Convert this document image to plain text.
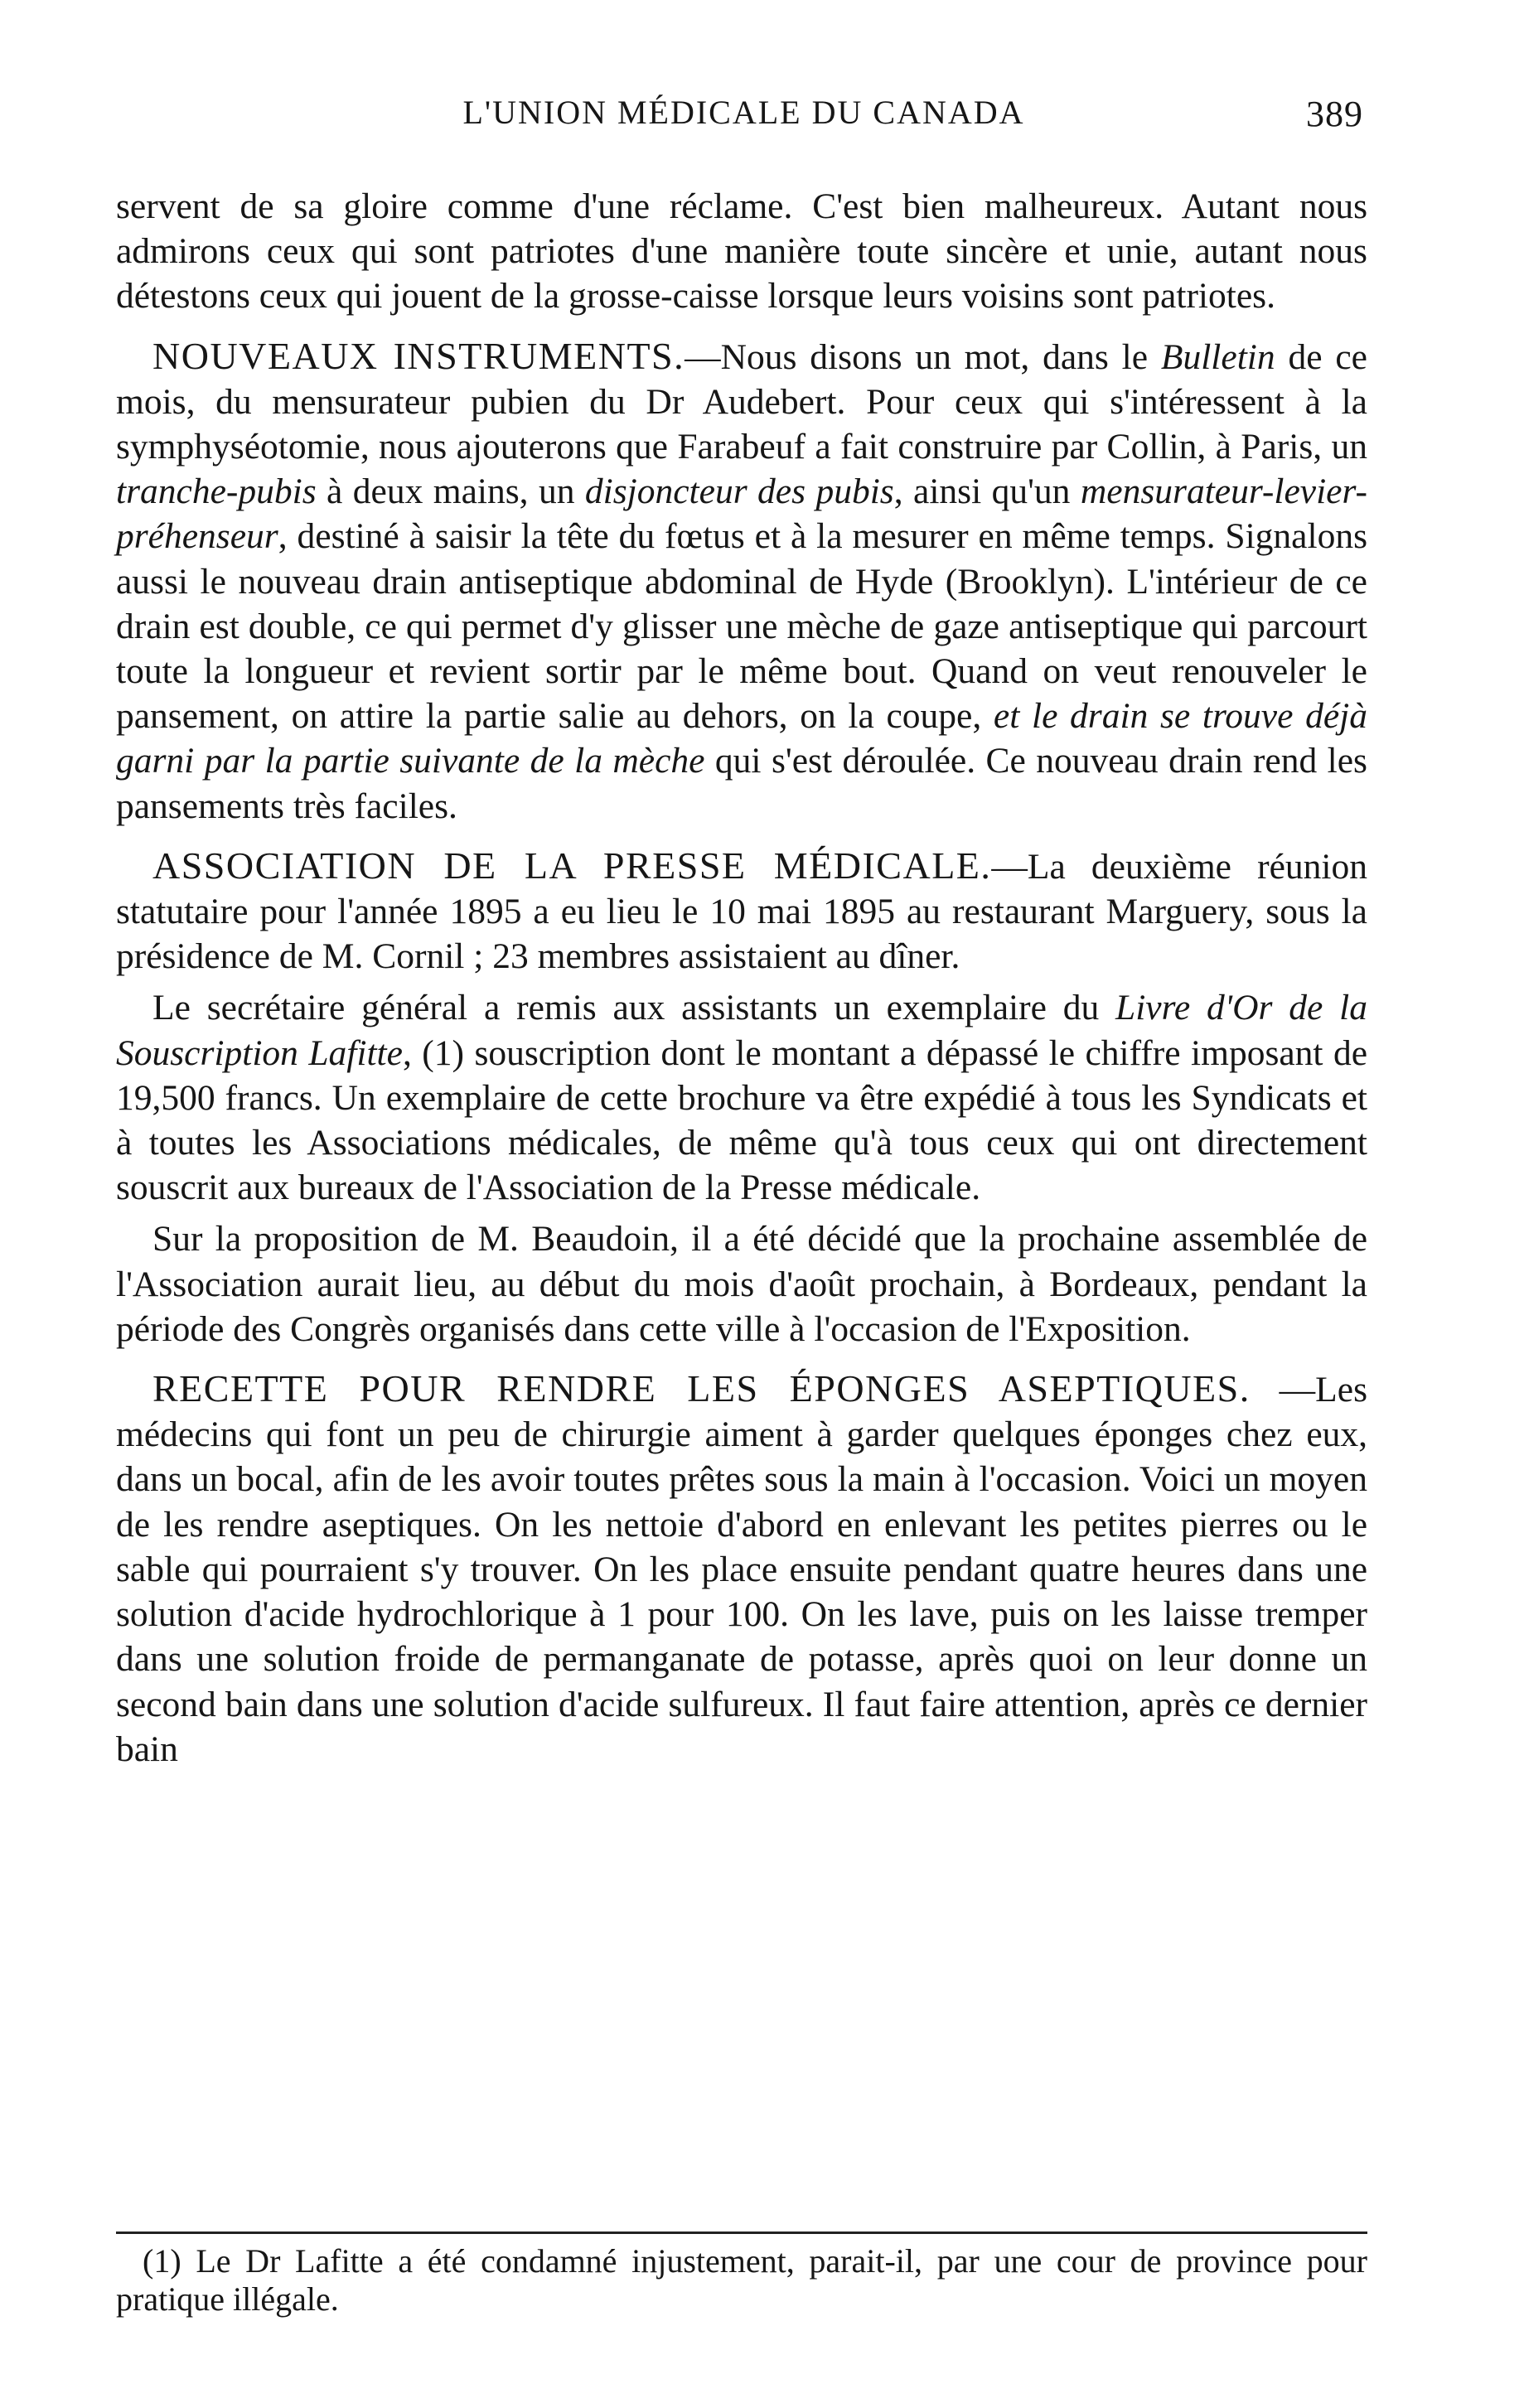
L'UNION MÉDICALE DU CANADA	389

servent de sa gloire comme d'une réclame. C'est bien malheureux. Autant nous admirons ceux qui sont patriotes d'une manière toute sincère et unie, autant nous détestons ceux qui jouent de la grosse-caisse lorsque leurs voisins sont patriotes.

NOUVEAUX INSTRUMENTS.—Nous disons un mot, dans le Bulletin de ce mois, du mensurateur pubien du Dr Audebert. Pour ceux qui s'intéressent à la symphyséotomie, nous ajouterons que Farabeuf a fait construire par Collin, à Paris, un tranche-pubis à deux mains, un disjoncteur des pubis, ainsi qu'un mensurateur-levier-préhenseur, destiné à saisir la tête du fœtus et à la mesurer en même temps. Signalons aussi le nouveau drain antiseptique abdominal de Hyde (Brooklyn). L'intérieur de ce drain est double, ce qui permet d'y glisser une mèche de gaze antiseptique qui parcourt toute la longueur et revient sortir par le même bout. Quand on veut renouveler le pansement, on attire la partie salie au dehors, on la coupe, et le drain se trouve déjà garni par la partie suivante de la mèche qui s'est déroulée. Ce nouveau drain rend les pansements très faciles.

ASSOCIATION DE LA PRESSE MÉDICALE.—La deuxième réunion statutaire pour l'année 1895 a eu lieu le 10 mai 1895 au restaurant Marguery, sous la présidence de M. Cornil ; 23 membres assistaient au dîner.

Le secrétaire général a remis aux assistants un exemplaire du Livre d'Or de la Souscription Lafitte, (1) souscription dont le montant a dépassé le chiffre imposant de 19,500 francs. Un exemplaire de cette brochure va être expédié à tous les Syndicats et à toutes les Associations médicales, de même qu'à tous ceux qui ont directement souscrit aux bureaux de l'Association de la Presse médicale.

Sur la proposition de M. Beaudoin, il a été décidé que la prochaine assemblée de l'Association aurait lieu, au début du mois d'août prochain, à Bordeaux, pendant la période des Congrès organisés dans cette ville à l'occasion de l'Exposition.

RECETTE POUR RENDRE LES ÉPONGES ASEPTIQUES. —Les médecins qui font un peu de chirurgie aiment à garder quelques éponges chez eux, dans un bocal, afin de les avoir toutes prêtes sous la main à l'occasion. Voici un moyen de les rendre aseptiques. On les nettoie d'abord en enlevant les petites pierres ou le sable qui pourraient s'y trouver. On les place ensuite pendant quatre heures dans une solution d'acide hydrochlorique à 1 pour 100. On les lave, puis on les laisse tremper dans une solution froide de permanganate de potasse, après quoi on leur donne un second bain dans une solution d'acide sulfureux. Il faut faire attention, après ce dernier bain

(1) Le Dr Lafitte a été condamné injustement, parait-il, par une cour de province pour pratique illégale.
